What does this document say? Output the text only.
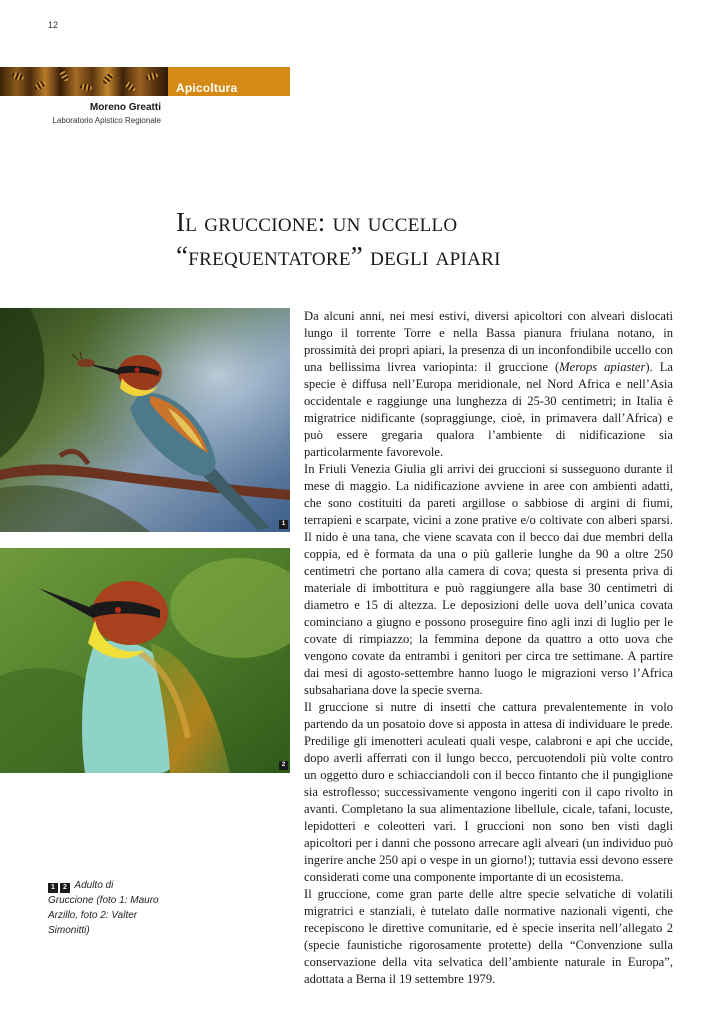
12
Apicoltura
Moreno Greatti
Laboratorio Apistico Regionale
Il gruccione: un uccello
“frequentatore” degli apiari
1
2
1 2 Adulto di Gruccione (foto 1: Mauro Arzillo, foto 2: Valter Simonitti)

Da alcuni anni, nei mesi estivi, diversi apicoltori con alveari dislocati lungo il torrente Torre e nella Bassa pianura friulana notano, in prossimità dei propri apiari, la presenza di un inconfondibile uccello con una bellissima livrea variopinta: il gruccione (Merops apiaster). La specie è diffusa nell’Europa meridionale, nel Nord Africa e nell’Asia occidentale e raggiunge una lunghezza di 25-30 centimetri; in Italia è migratrice nidificante (sopraggiunge, cioè, in primavera dall’Africa) e può essere gregaria qualora l’ambiente di nidificazione sia particolarmente favorevole.

In Friuli Venezia Giulia gli arrivi dei gruccioni si susseguono durante il mese di maggio. La nidificazione avviene in aree con ambienti adatti, che sono costituiti da pareti argillose o sabbiose di argini di fiumi, terrapieni e scarpate, vicini a zone prative e/o coltivate con alberi sparsi. Il nido è una tana, che viene scavata con il becco dai due membri della coppia, ed è formata da una o più gallerie lunghe da 90 a oltre 250 centimetri che portano alla camera di cova; questa si presenta priva di materiale di imbottitura e può raggiungere alla base 30 centimetri di diametro e 15 di altezza. Le deposizioni delle uova dell’unica covata cominciano a giugno e possono proseguire fino agli inzi di luglio per le covate di rimpiazzo; la femmina depone da quattro a otto uova che vengono covate da entrambi i genitori per circa tre settimane. A partire dai mesi di agosto-settembre hanno luogo le migrazioni verso l’Africa subsahariana dove la specie sverna.

Il gruccione si nutre di insetti che cattura prevalentemente in volo partendo da un posatoio dove si apposta in attesa di individuare le prede. Predilige gli imenotteri aculeati quali vespe, calabroni e api che uccide, dopo averli afferrati con il lungo becco, percuotendoli più volte contro un oggetto duro e schiacciandoli con il becco fintanto che il pungiglione sia estroflesso; successivamente vengono ingeriti con il capo rivolto in avanti. Completano la sua alimentazione libellule, cicale, tafani, locuste, lepidotteri e coleotteri vari. I gruccioni non sono ben visti dagli apicoltori per i danni che possono arrecare agli alveari (un individuo può ingerire anche 250 api o vespe in un giorno!); tuttavia essi devono essere considerati come una componente importante di un ecosistema.

Il gruccione, come gran parte delle altre specie selvatiche di volatili migratrici e stanziali, è tutelato dalle normative nazionali vigenti, che recepiscono le direttive comunitarie, ed è specie inserita nell’allegato 2 (specie faunistiche rigorosamente protette) della “Convenzione sulla conservazione della vita selvatica dell’ambiente naturale in Europa”, adottata a Berna il 19 settembre 1979.
